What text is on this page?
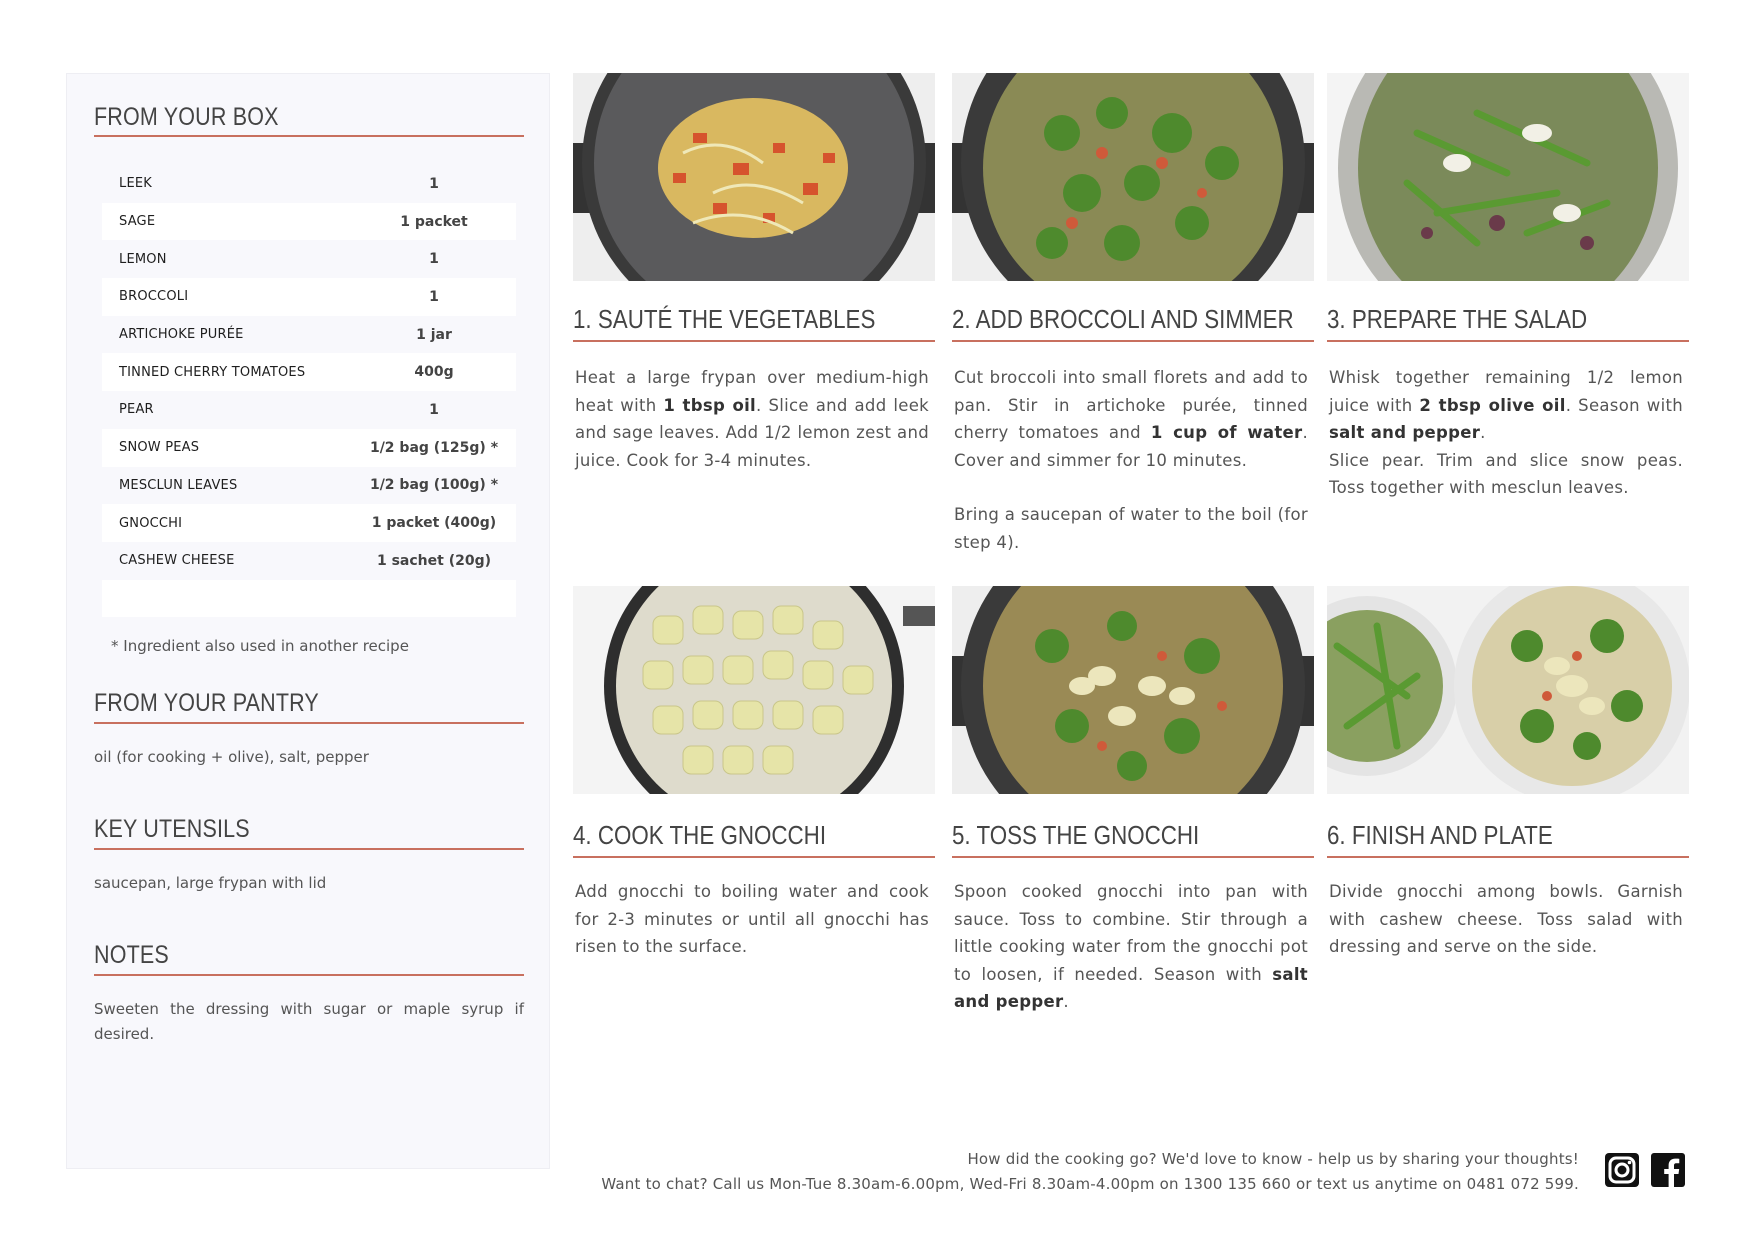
FROM YOUR BOX
LEEK	1
SAGE	1 packet
LEMON	1
BROCCOLI	1
ARTICHOKE PURÉE	1 jar
TINNED CHERRY TOMATOES	400g
PEAR	1
SNOW PEAS	1/2 bag (125g) *
MESCLUN LEAVES	1/2 bag (100g) *
GNOCCHI	1 packet (400g)
CASHEW CHEESE	1 sachet (20g)
* Ingredient also used in another recipe
FROM YOUR PANTRY
oil (for cooking + olive), salt, pepper
KEY UTENSILS
saucepan, large frypan with lid
NOTES
Sweeten the dressing with sugar or maple syrup if desired.
1. SAUTÉ THE VEGETABLES

Heat a large frypan over medium-high heat with 1 tbsp oil. Slice and add leek and sage leaves. Add 1/2 lemon zest and juice. Cook for 3-4 minutes.

2. ADD BROCCOLI AND SIMMER

Cut broccoli into small florets and add to pan. Stir in artichoke purée, tinned cherry tomatoes and 1 cup of water. Cover and simmer for 10 minutes.

Bring a saucepan of water to the boil (for step 4).

3. PREPARE THE SALAD

Whisk together remaining 1/2 lemon juice with 2 tbsp olive oil. Season with salt and pepper.

Slice pear. Trim and slice snow peas. Toss together with mesclun leaves.

4. COOK THE GNOCCHI

Add gnocchi to boiling water and cook for 2-3 minutes or until all gnocchi has risen to the surface.

5. TOSS THE GNOCCHI

Spoon cooked gnocchi into pan with sauce. Toss to combine. Stir through a little cooking water from the gnocchi pot to loosen, if needed. Season with salt and pepper.

6. FINISH AND PLATE

Divide gnocchi among bowls. Garnish with cashew cheese. Toss salad with dressing and serve on the side.

How did the cooking go? We'd love to know - help us by sharing your thoughts!
Want to chat? Call us Mon-Tue 8.30am-6.00pm, Wed-Fri 8.30am-4.00pm on 1300 135 660 or text us anytime on 0481 072 599.
